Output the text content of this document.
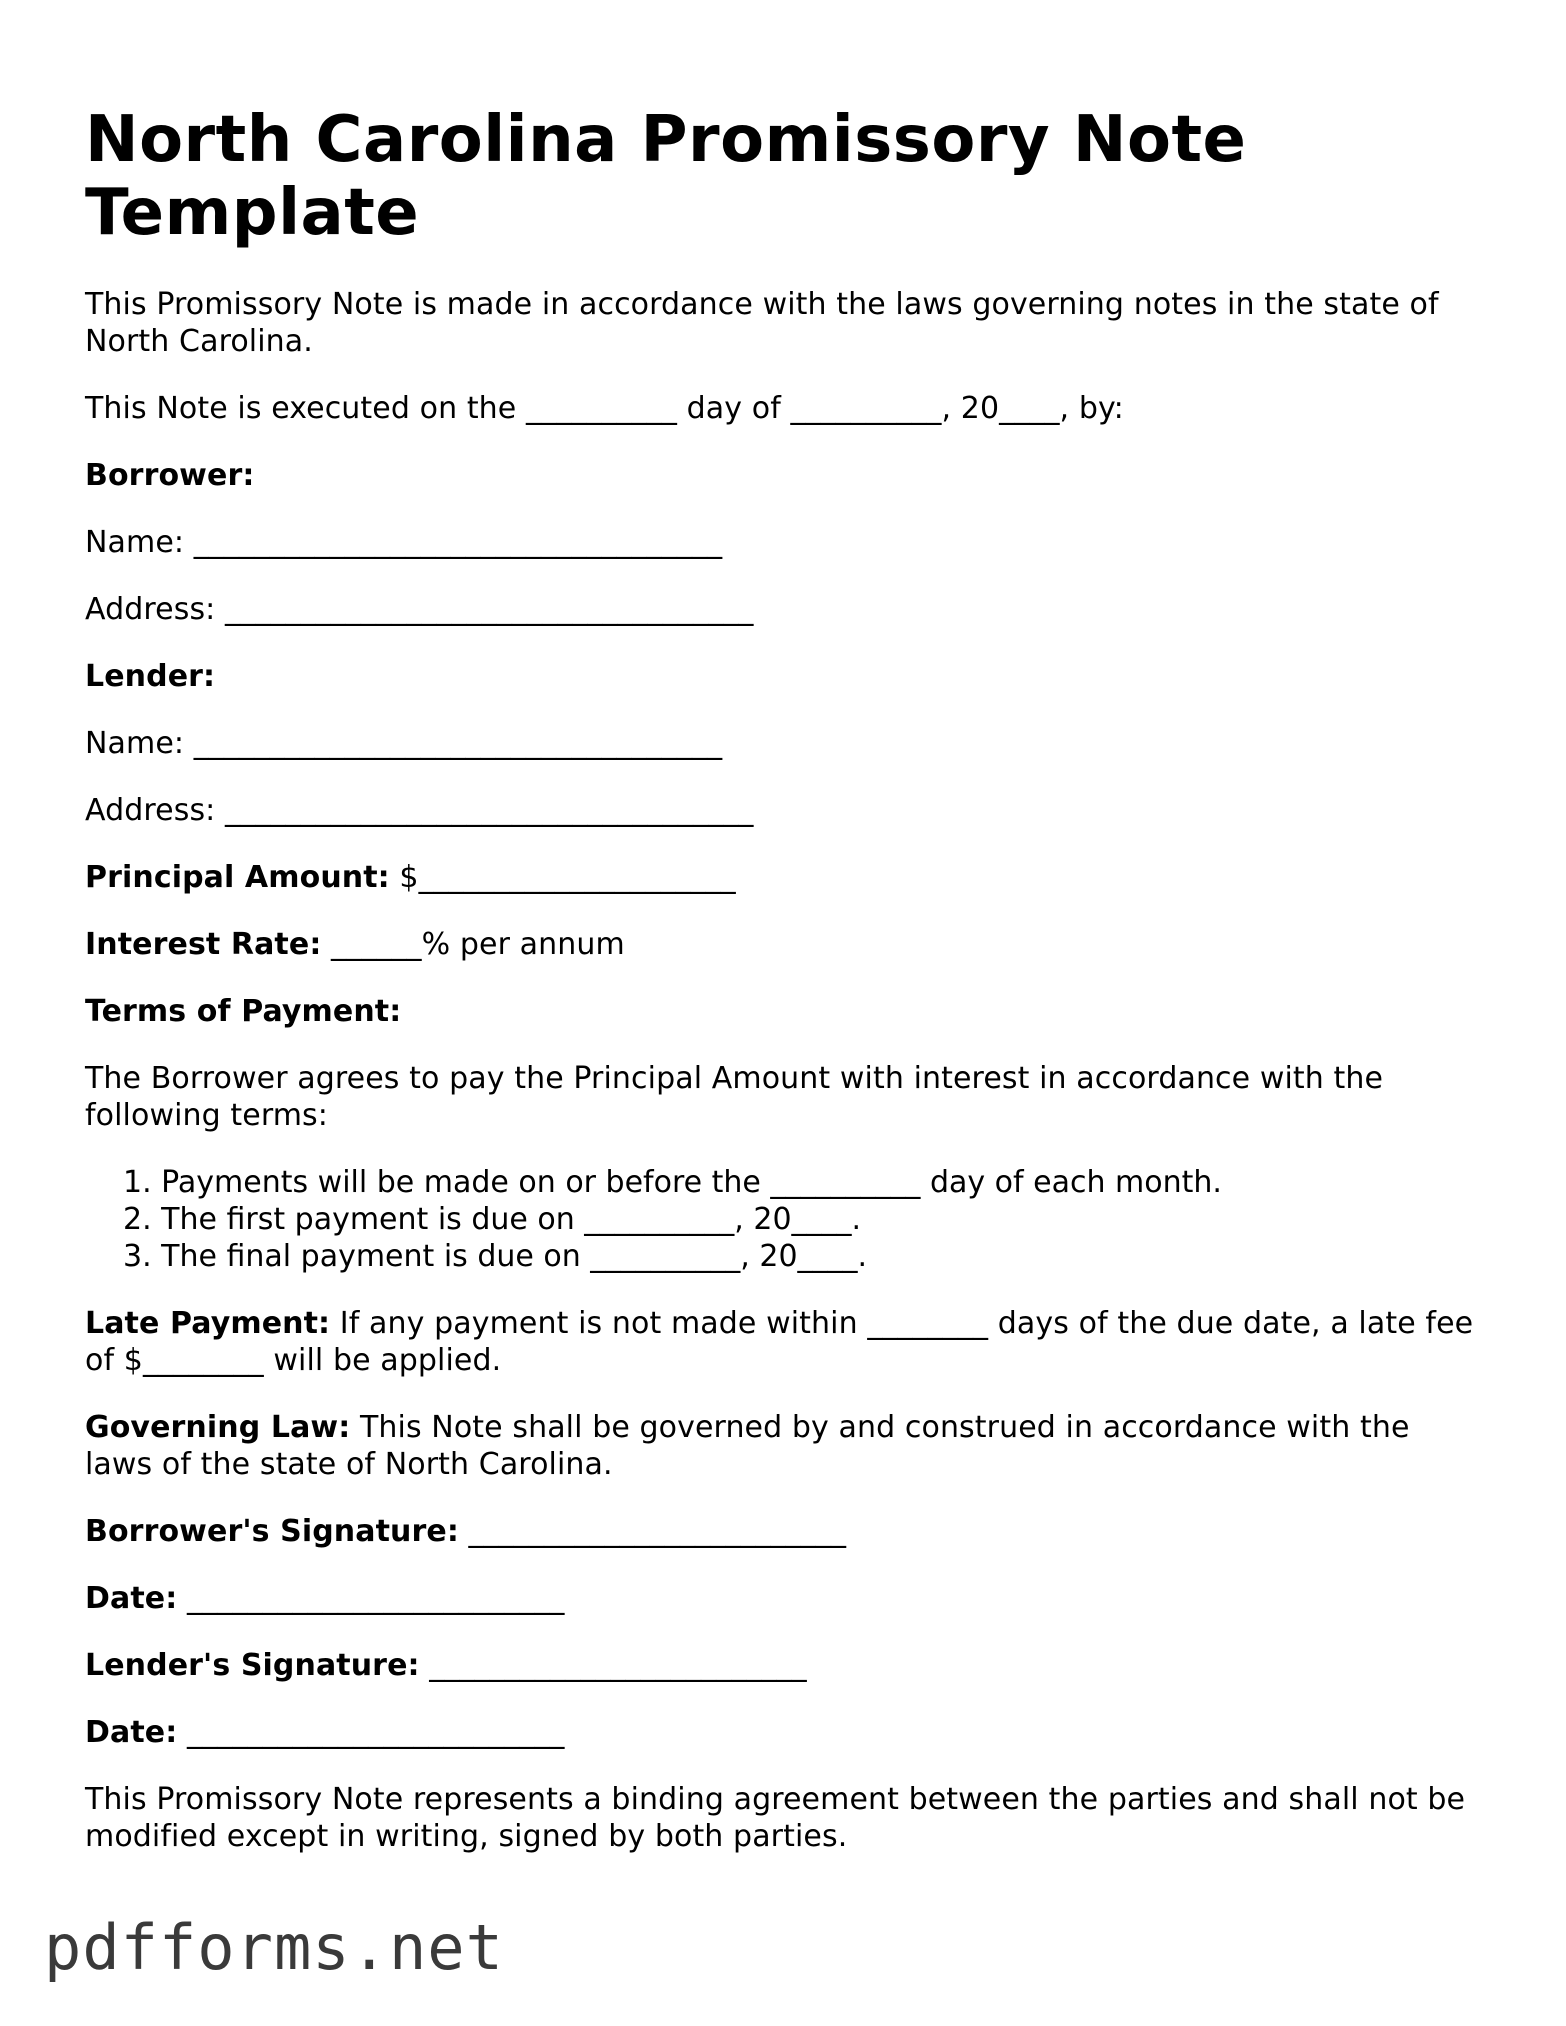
North Carolina Promissory Note Template

This Promissory Note is made in accordance with the laws governing notes in the state of North Carolina.

This Note is executed on the __________ day of __________, 20____, by:

Borrower:

Name: ___________________________________

Address: ___________________________________

Lender:

Name: ___________________________________

Address: ___________________________________

Principal Amount: $_____________________

Interest Rate: ______% per annum

Terms of Payment:

The Borrower agrees to pay the Principal Amount with interest in accordance with the following terms:

1. Payments will be made on or before the __________ day of each month.
2. The first payment is due on __________, 20____.
3. The final payment is due on __________, 20____.

Late Payment: If any payment is not made within ________ days of the due date, a late fee of $________ will be applied.

Governing Law: This Note shall be governed by and construed in accordance with the laws of the state of North Carolina.

Borrower's Signature: _________________________

Date: _________________________

Lender's Signature: _________________________

Date: _________________________

This Promissory Note represents a binding agreement between the parties and shall not be modified except in writing, signed by both parties.

pdfforms.net
